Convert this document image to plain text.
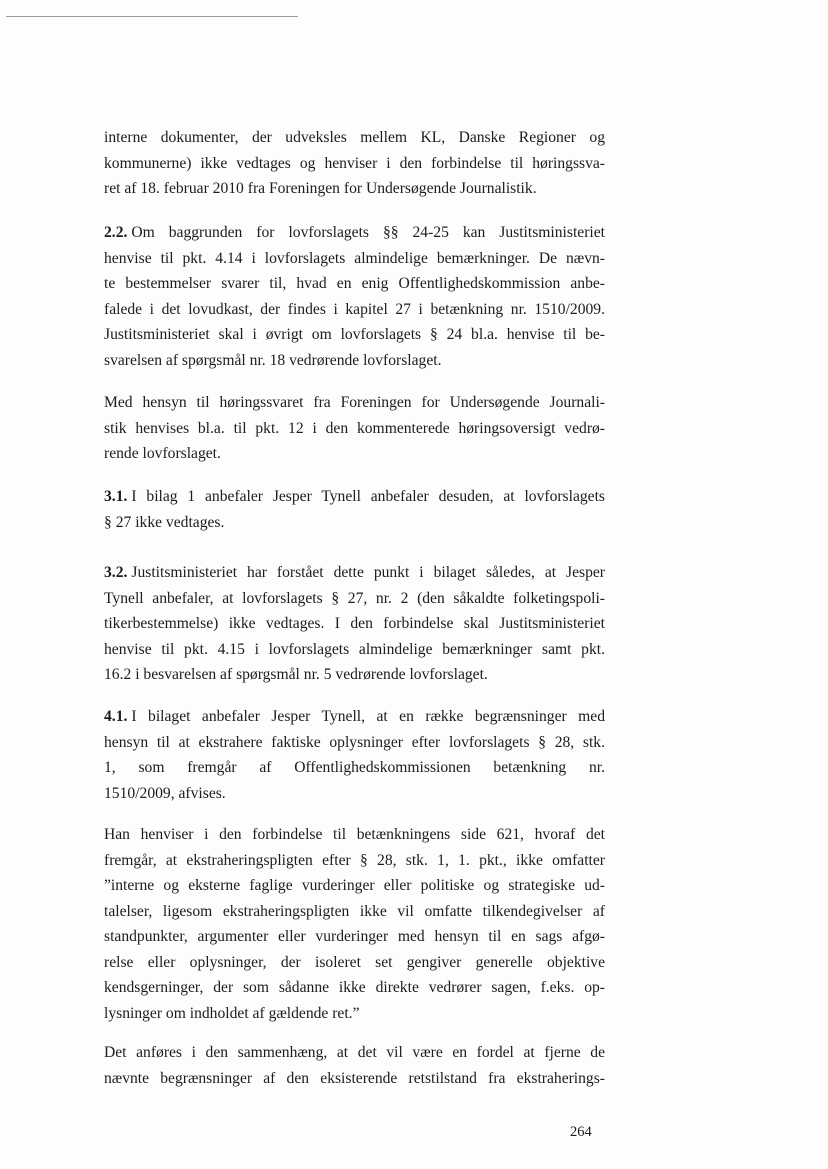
interne dokumenter, der udveksles mellem KL, Danske Regioner og
kommunerne) ikke vedtages og henviser i den forbindelse til høringssva-
ret af 18. februar 2010 fra Foreningen for Undersøgende Journalistik.
2.2. Om baggrunden for lovforslagets §§ 24-25 kan Justitsministeriet
henvise til pkt. 4.14 i lovforslagets almindelige bemærkninger. De nævn-
te bestemmelser svarer til, hvad en enig Offentlighedskommission anbe-
falede i det lovudkast, der findes i kapitel 27 i betænkning nr. 1510/2009.
Justitsministeriet skal i øvrigt om lovforslagets § 24 bl.a. henvise til be-
svarelsen af spørgsmål nr. 18 vedrørende lovforslaget.
Med hensyn til høringssvaret fra Foreningen for Undersøgende Journali-
stik henvises bl.a. til pkt. 12 i den kommenterede høringsoversigt vedrø-
rende lovforslaget.
3.1. I bilag 1 anbefaler Jesper Tynell anbefaler desuden, at lovforslagets
§ 27 ikke vedtages.
3.2. Justitsministeriet har forstået dette punkt i bilaget således, at Jesper
Tynell anbefaler, at lovforslagets § 27, nr. 2 (den såkaldte folketingspoli-
tikerbestemmelse) ikke vedtages. I den forbindelse skal Justitsministeriet
henvise til pkt. 4.15 i lovforslagets almindelige bemærkninger samt pkt.
16.2 i besvarelsen af spørgsmål nr. 5 vedrørende lovforslaget.
4.1. I bilaget anbefaler Jesper Tynell, at en række begrænsninger med
hensyn til at ekstrahere faktiske oplysninger efter lovforslagets § 28, stk.
1, som fremgår af Offentlighedskommissionen betænkning nr.
1510/2009, afvises.
Han henviser i den forbindelse til betænkningens side 621, hvoraf det
fremgår, at ekstraheringspligten efter § 28, stk. 1, 1. pkt., ikke omfatter
”interne og eksterne faglige vurderinger eller politiske og strategiske ud-
talelser, ligesom ekstraheringspligten ikke vil omfatte tilkendegivelser af
standpunkter, argumenter eller vurderinger med hensyn til en sags afgø-
relse eller oplysninger, der isoleret set gengiver generelle objektive
kendsgerninger, der som sådanne ikke direkte vedrører sagen, f.eks. op-
lysninger om indholdet af gældende ret.”
Det anføres i den sammenhæng, at det vil være en fordel at fjerne de
nævnte begrænsninger af den eksisterende retstilstand fra ekstraherings-
264
